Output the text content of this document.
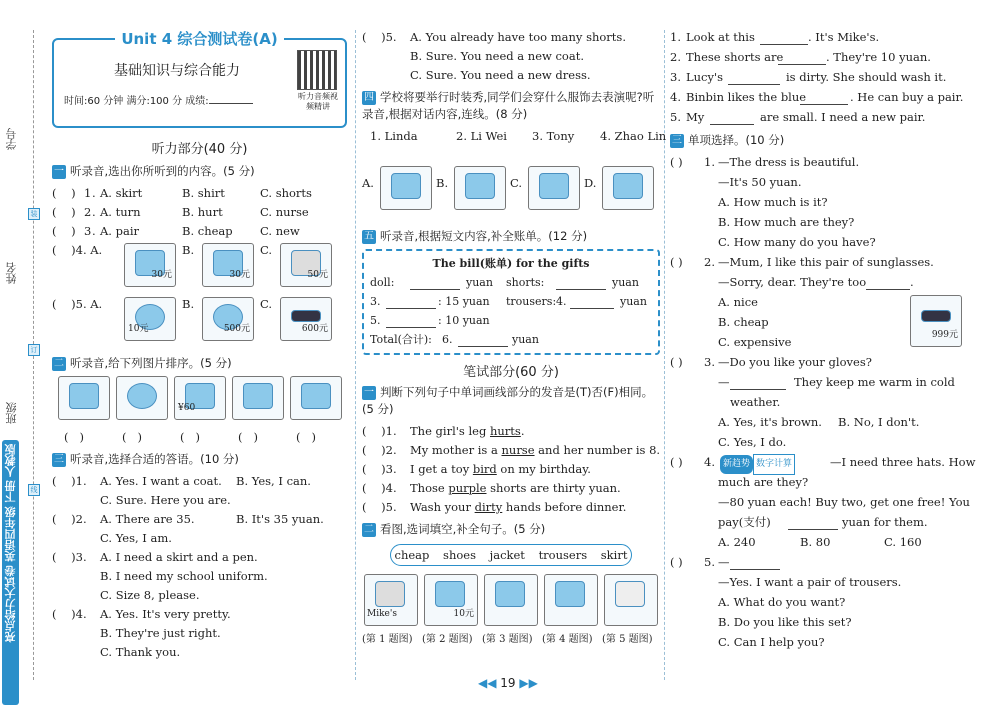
学号
装
姓名
订
班级
线
亮点给力大试卷 英语四年级 下册 人教版
Unit 4 综合测试卷(A)
基础知识与综合能力
时间:60 分钟 满分:100 分 成绩:	听力音频视频精讲
听力部分(40 分)
一 听录音,选出你所听到的内容。(5 分)
(    ) 1 . A. skirt	B. shirt	C. shorts
(    ) 2 . A. turn	B. hurt	C. nurse
(    ) 3 . A. pair	B. cheap C. new
(    )4. A.
30元
B.
30元
C.
50元
(    )5. A.
10元
B.
500元
C.
600元
二 听录音,给下列图片排序。(5 分)
¥60
(   )	(   )	(   )	(   )	(   )
三 听录音,选择合适的答语。(10 分)
(    )1. A. Yes. I want a coat. B. Yes, I can.
C. Sure. Here you are.
(    )2. A. There are 35.	B. It's 35 yuan.
C. Yes, I am.
(    )3. A. I need a skirt and a pen.
B. I need my school uniform.
C. Size 8, please.
(    )4. A. Yes. It's very pretty.
B. They're just right.
C. Thank you.
(    )5. A. You already have too many shorts.
B. Sure. You need a new coat.
C. Sure. You need a new dress.
四 学校将要举行时装秀,同学们会穿什么服饰去表演呢?听录音,根据对话内容,连线。(8 分)
1. Linda	2. Li Wei 3. Tony 4. Zhao Lin
A.	B.	C.	D.
五 听录音,根据短文内容,补全账单。(12 分)
The bill(账单) for the gifts
doll:	yuan shorts:	yuan
3.	: 15 yuan trousers: 4.	yuan
5.	: 10 yuan
Total(合计): 6.	yuan
笔试部分(60 分)
一 判断下列句子中单词画线部分的发音是(T)否(F)相同。(5 分)
(    )1. The girl's leg hurts.
(    )2. My mother is a nurse and her number is 8.
(    )3. I get a toy bird on my birthday.
(    )4. Those purple shorts are thirty yuan.
(    )5. Wash your dirty hands before dinner.
二 看图,选词填空,补全句子。(5 分)
cheap shoes jacket trousers skirt
Mike's	10元
(第 1 题图) (第 2 题图) (第 3 题图) (第 4 题图) (第 5 题图)
1. Look at this	. It's Mike's.
2. These shorts are	. They're 10 yuan.
3. Lucy's	is dirty. She should wash it.
4. Binbin likes the blue	. He can buy a pair.
5. My	are small. I need a new pair.
三 单项选择。(10 分)
( ) 1. —The dress is beautiful.
—It's 50 yuan.
A. How much is it?
B. How much are they?
C. How many do you have?
( ) 2. —Mum, I like this pair of sunglasses.
—Sorry, dear. They're too	.
A. nice
999元
B. cheap
C. expensive
( ) 3. —Do you like your gloves?
—	They keep me warm in cold
weather.
A. Yes, it's brown. B. No, I don't.
C. Yes, I do.
( ) 4. 新趋势 数字计算	—I need three hats. How
much are they?
—80 yuan each! Buy two, get one free! You
pay(支付)	yuan for them.
A. 240	B. 80	C. 160
( ) 5. —
—Yes. I want a pair of trousers.
A. What do you want?
B. Do you like this set?
C. Can I help you?
◀◀ 19 ▶▶
